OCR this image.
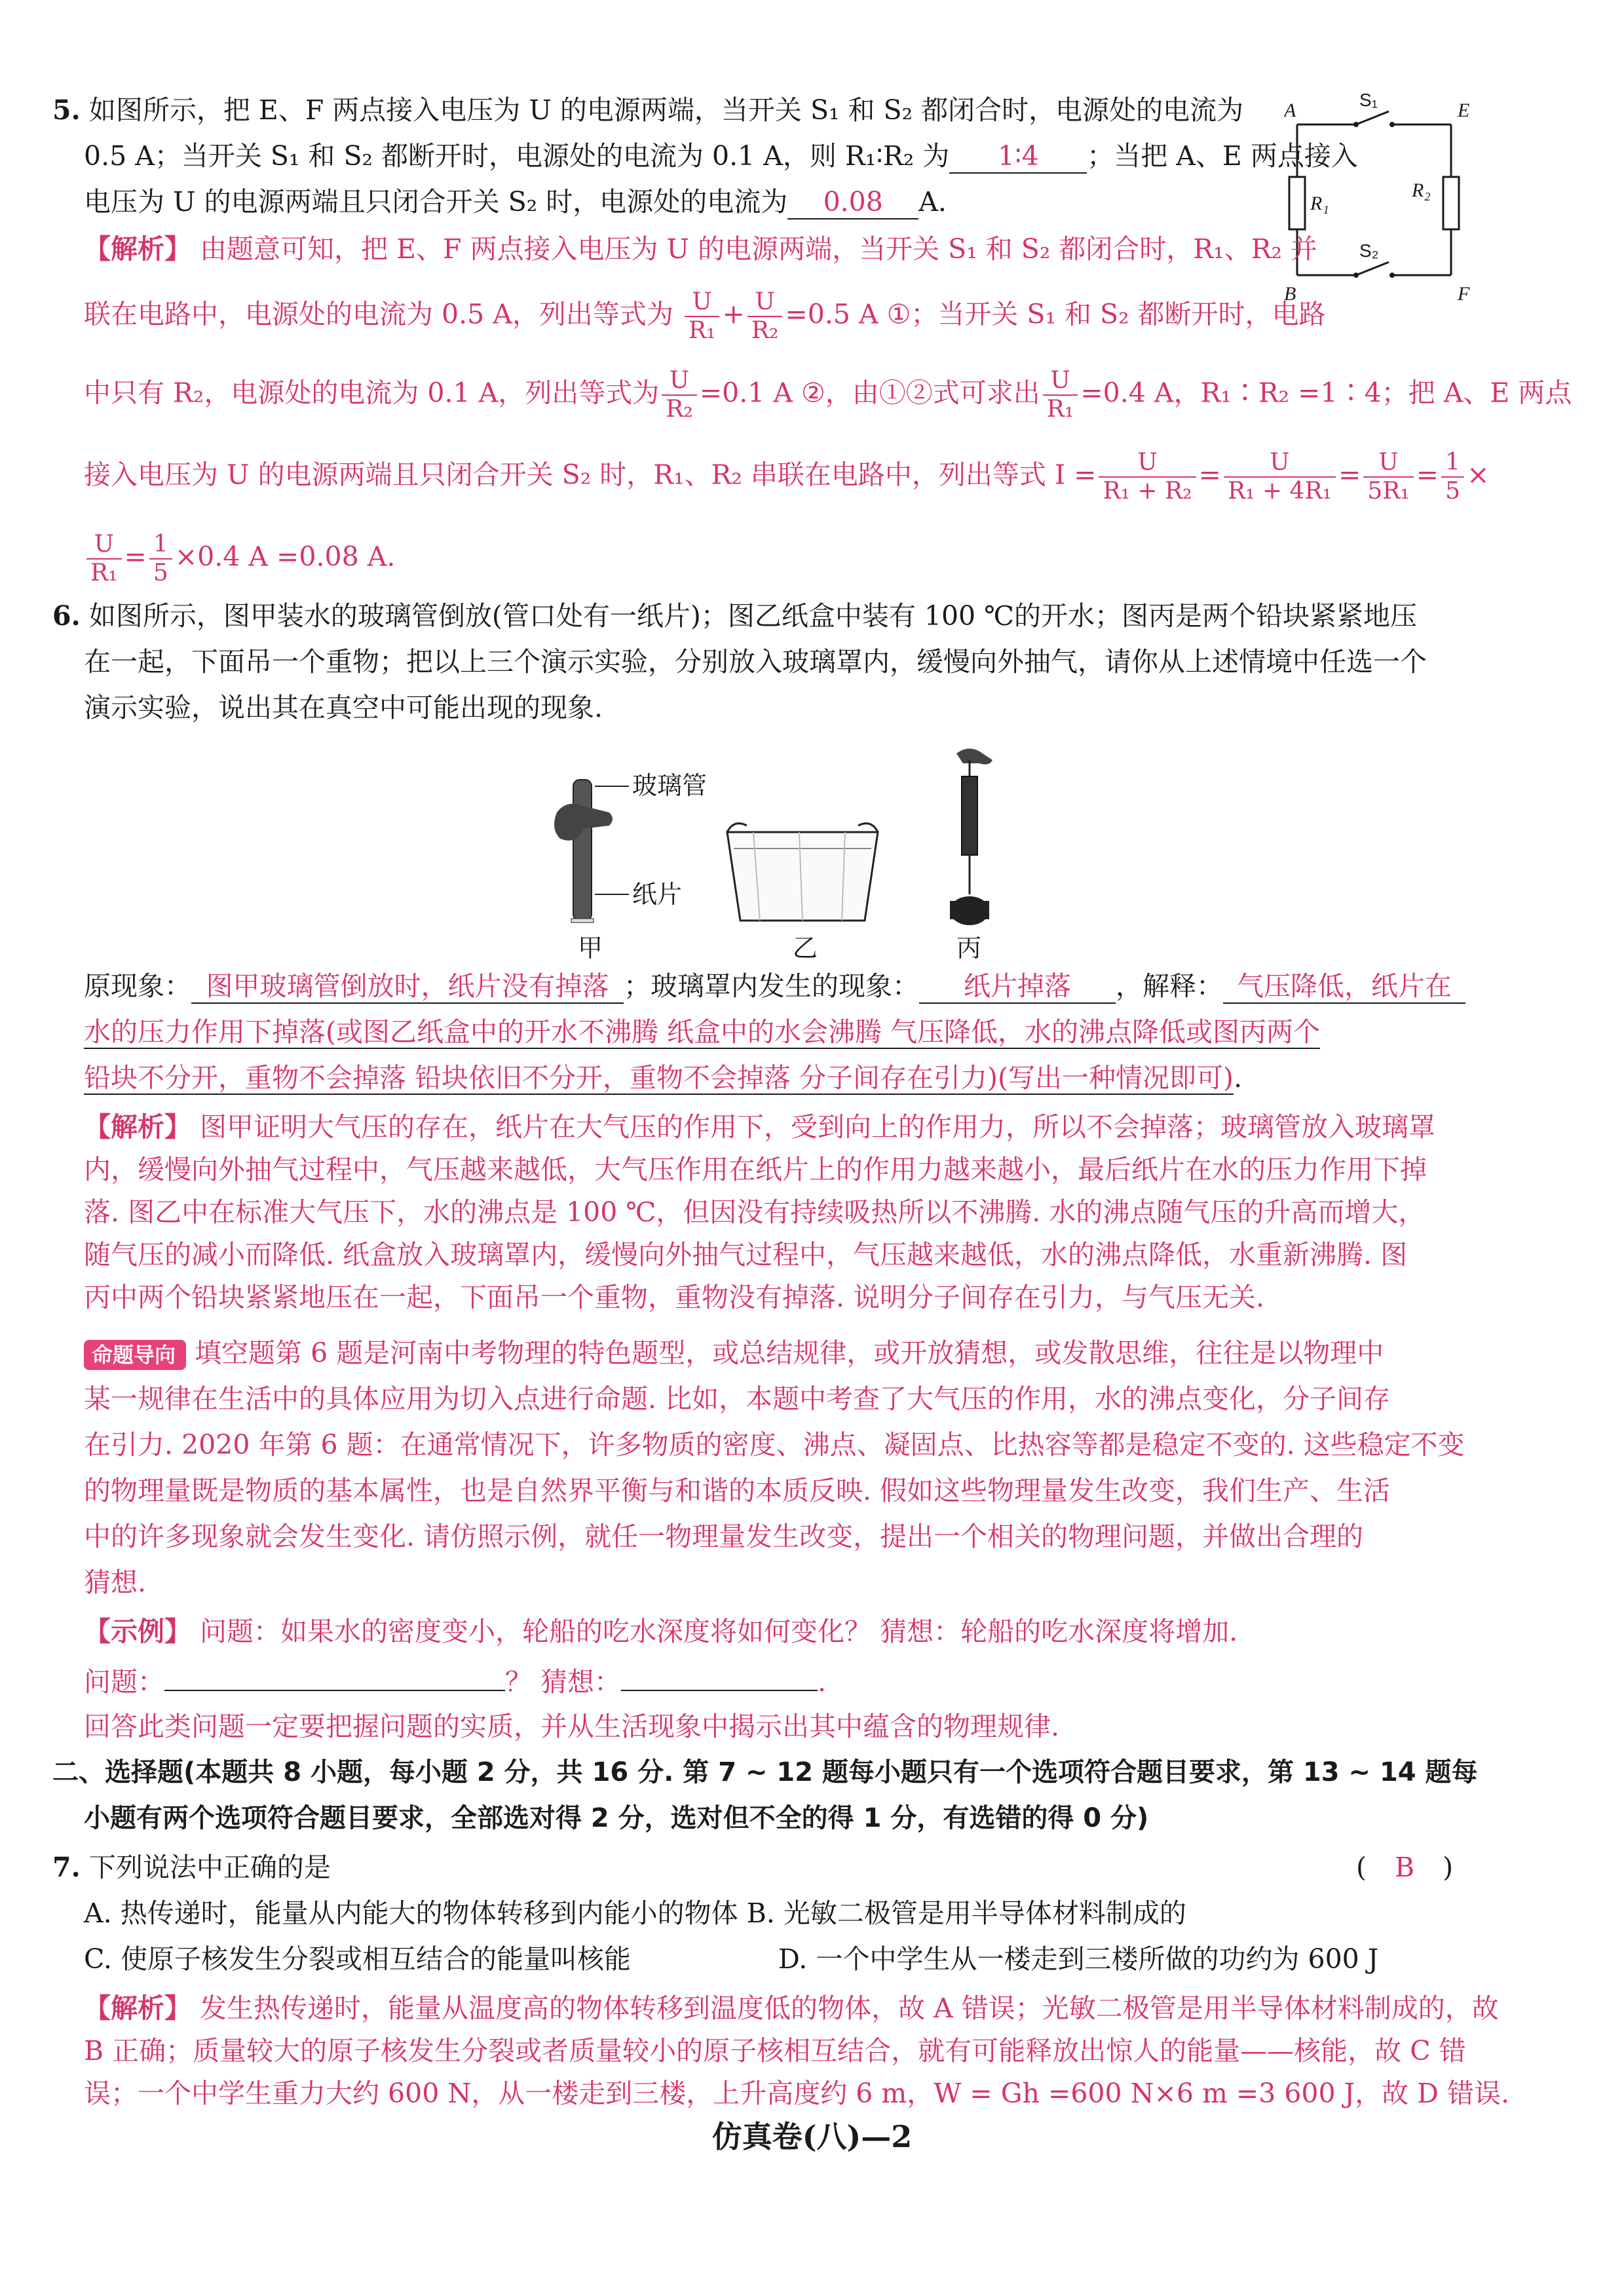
5. 如图所示，把 E、F 两点接入电压为 U 的电源两端，当开关 S₁ 和 S₂ 都闭合时，电源处的电流为
0.5 A；当开关 S₁ 和 S₂ 都断开时，电源处的电流为 0.1 A，则 R₁∶R₂ 为 1∶4 ；当把 A、E 两点接入
电压为 U 的电源两端且只闭合开关 S₂ 时，电源处的电流为 0.08 A.
A	E
B	F
R₁
R₂
S₁
S₂
【解析】 由题意可知，把 E、F 两点接入电压为 U 的电源两端，当开关 S₁ 和 S₂ 都闭合时，R₁、R₂ 并
联在电路中，电源处的电流为 0.5 A，列出等式为 $\frac{U}{\text{R₁}} + \frac{U}{\text{R₂}} =0.5$ A ①；当开关 S₁ 和 S₂ 都断开时，电路
中只有 R₂，电源处的电流为 0.1 A，列出等式为 $\frac{U}{\text{R₂}} =0.1$ A ②，由①②式可求出 $\frac{U}{\text{R₁}} =0.4$ A，R₁∶R₂ =1∶4；把 A、E 两点
接入电压为 U 的电源两端且只闭合开关 S₂ 时，R₁、R₂ 串联在电路中，列出等式 $I = \frac{U}{\text{R₁ + R₂}} = \frac{U}{\text{R₁ + 4R₁}} = \frac{U}{\text{5R₁}} = \frac{1}{5}$ ×
$\frac{U}{\text{R₁}} = \frac{1}{5} \times 0.4$ A =0.08 A.
6. 如图所示，图甲装水的玻璃管倒放(管口处有一纸片)；图乙纸盒中装有 100 ℃的开水；图丙是两个铅块紧紧地压
在一起，下面吊一个重物；把以上三个演示实验，分别放入玻璃罩内，缓慢向外抽气，请你从上述情境中任选一个
演示实验，说出其在真空中可能出现的现象.
玻璃管
纸片
甲	乙	丙
原现象： 图甲玻璃管倒放时，纸片没有掉落 ；玻璃罩内发生的现象： 纸片掉落 ，解释： 气压降低，纸片在
水的压力作用下掉落(或图乙纸盒中的开水不沸腾 纸盒中的水会沸腾 气压降低，水的沸点降低或图丙两个
铅块不分开，重物不会掉落 铅块依旧不分开，重物不会掉落 分子间存在引力)(写出一种情况即可).
【解析】 图甲证明大气压的存在，纸片在大气压的作用下，受到向上的作用力，所以不会掉落；玻璃管放入玻璃罩
内，缓慢向外抽气过程中，气压越来越低，大气压作用在纸片上的作用力越来越小，最后纸片在水的压力作用下掉
落. 图乙中在标准大气压下，水的沸点是 100 ℃，但因没有持续吸热所以不沸腾. 水的沸点随气压的升高而增大，
随气压的减小而降低. 纸盒放入玻璃罩内，缓慢向外抽气过程中，气压越来越低，水的沸点降低，水重新沸腾. 图
丙中两个铅块紧紧地压在一起，下面吊一个重物，重物没有掉落. 说明分子间存在引力，与气压无关.
命题导向 填空题第 6 题是河南中考物理的特色题型，或总结规律，或开放猜想，或发散思维，往往是以物理中
某一规律在生活中的具体应用为切入点进行命题. 比如，本题中考查了大气压的作用，水的沸点变化，分子间存
在引力. 2020 年第 6 题：在通常情况下，许多物质的密度、沸点、凝固点、比热容等都是稳定不变的. 这些稳定不变
的物理量既是物质的基本属性，也是自然界平衡与和谐的本质反映. 假如这些物理量发生改变，我们生产、生活
中的许多现象就会发生变化. 请仿照示例，就任一物理量发生改变，提出一个相关的物理问题，并做出合理的
猜想.
【示例】 问题：如果水的密度变小，轮船的吃水深度将如何变化？ 猜想：轮船的吃水深度将增加.
问题：	？ 猜想：	.
回答此类问题一定要把握问题的实质，并从生活现象中揭示出其中蕴含的物理规律.
二、选择题(本题共 8 小题，每小题 2 分，共 16 分. 第 7 ~ 12 题每小题只有一个选项符合题目要求，第 13 ~ 14 题每
小题有两个选项符合题目要求，全部选对得 2 分，选对但不全的得 1 分，有选错的得 0 分)
7. 下列说法中正确的是	( B )
A. 热传递时，能量从内能大的物体转移到内能小的物体 B. 光敏二极管是用半导体材料制成的
C. 使原子核发生分裂或相互结合的能量叫核能	D. 一个中学生从一楼走到三楼所做的功约为 600 J
【解析】 发生热传递时，能量从温度高的物体转移到温度低的物体，故 A 错误；光敏二极管是用半导体材料制成的，故
B 正确；质量较大的原子核发生分裂或者质量较小的原子核相互结合，就有可能释放出惊人的能量——核能，故 C 错
误；一个中学生重力大约 600 N，从一楼走到三楼，上升高度约 6 m，W = Gh =600 N×6 m =3 600 J，故 D 错误.
仿真卷(八)—2
